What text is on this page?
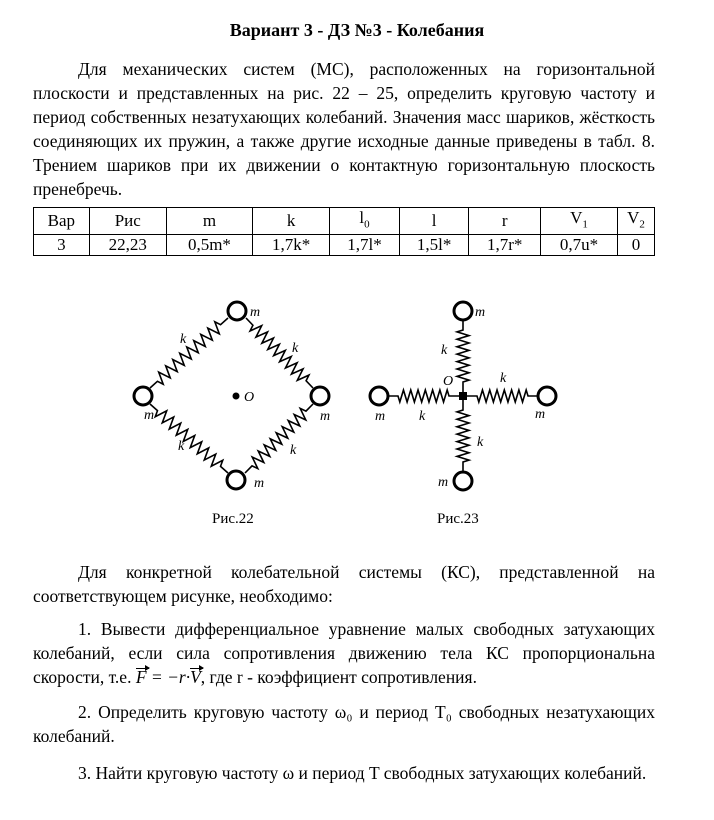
Вариант 3 - ДЗ №3 - Колебания
Для механических систем (МС), расположенных на горизонтальной плоскости и представленных на рис. 22 – 25, определить круговую частоту и период собственных незатухающих колебаний. Значения масс шариков, жёсткость соединяющих их пружин, а также другие исходные данные приведены в табл. 8. Трением шариков при их движении о контактную горизонтальную плоскость пренебречь.
Вар	Рис	m	k	$l_0$	l	r	$V_1$	$V_2$
3	22,23	0,5m*	1,7k*	1,7l*	1,5l*	1,7r*	0,7u*	0
O
m
m	m
m
k
k
k	k
Рис.22
O
m
m	m
m
k
k
k
k
Рис.23
Для конкретной колебательной системы (КС), представленной на соответствующем рисунке, необходимо:
1. Вывести дифференциальное уравнение малых свободных затухающих колебаний, если сила сопротивления движению тела КС пропорциональна скорости, т.е. F = −r·V, где r - коэффициент сопротивления.
2. Определить круговую частоту ω₀ и период T₀ свободных незатухающих колебаний.
3. Найти круговую частоту ω и период T свободных затухающих колебаний.
